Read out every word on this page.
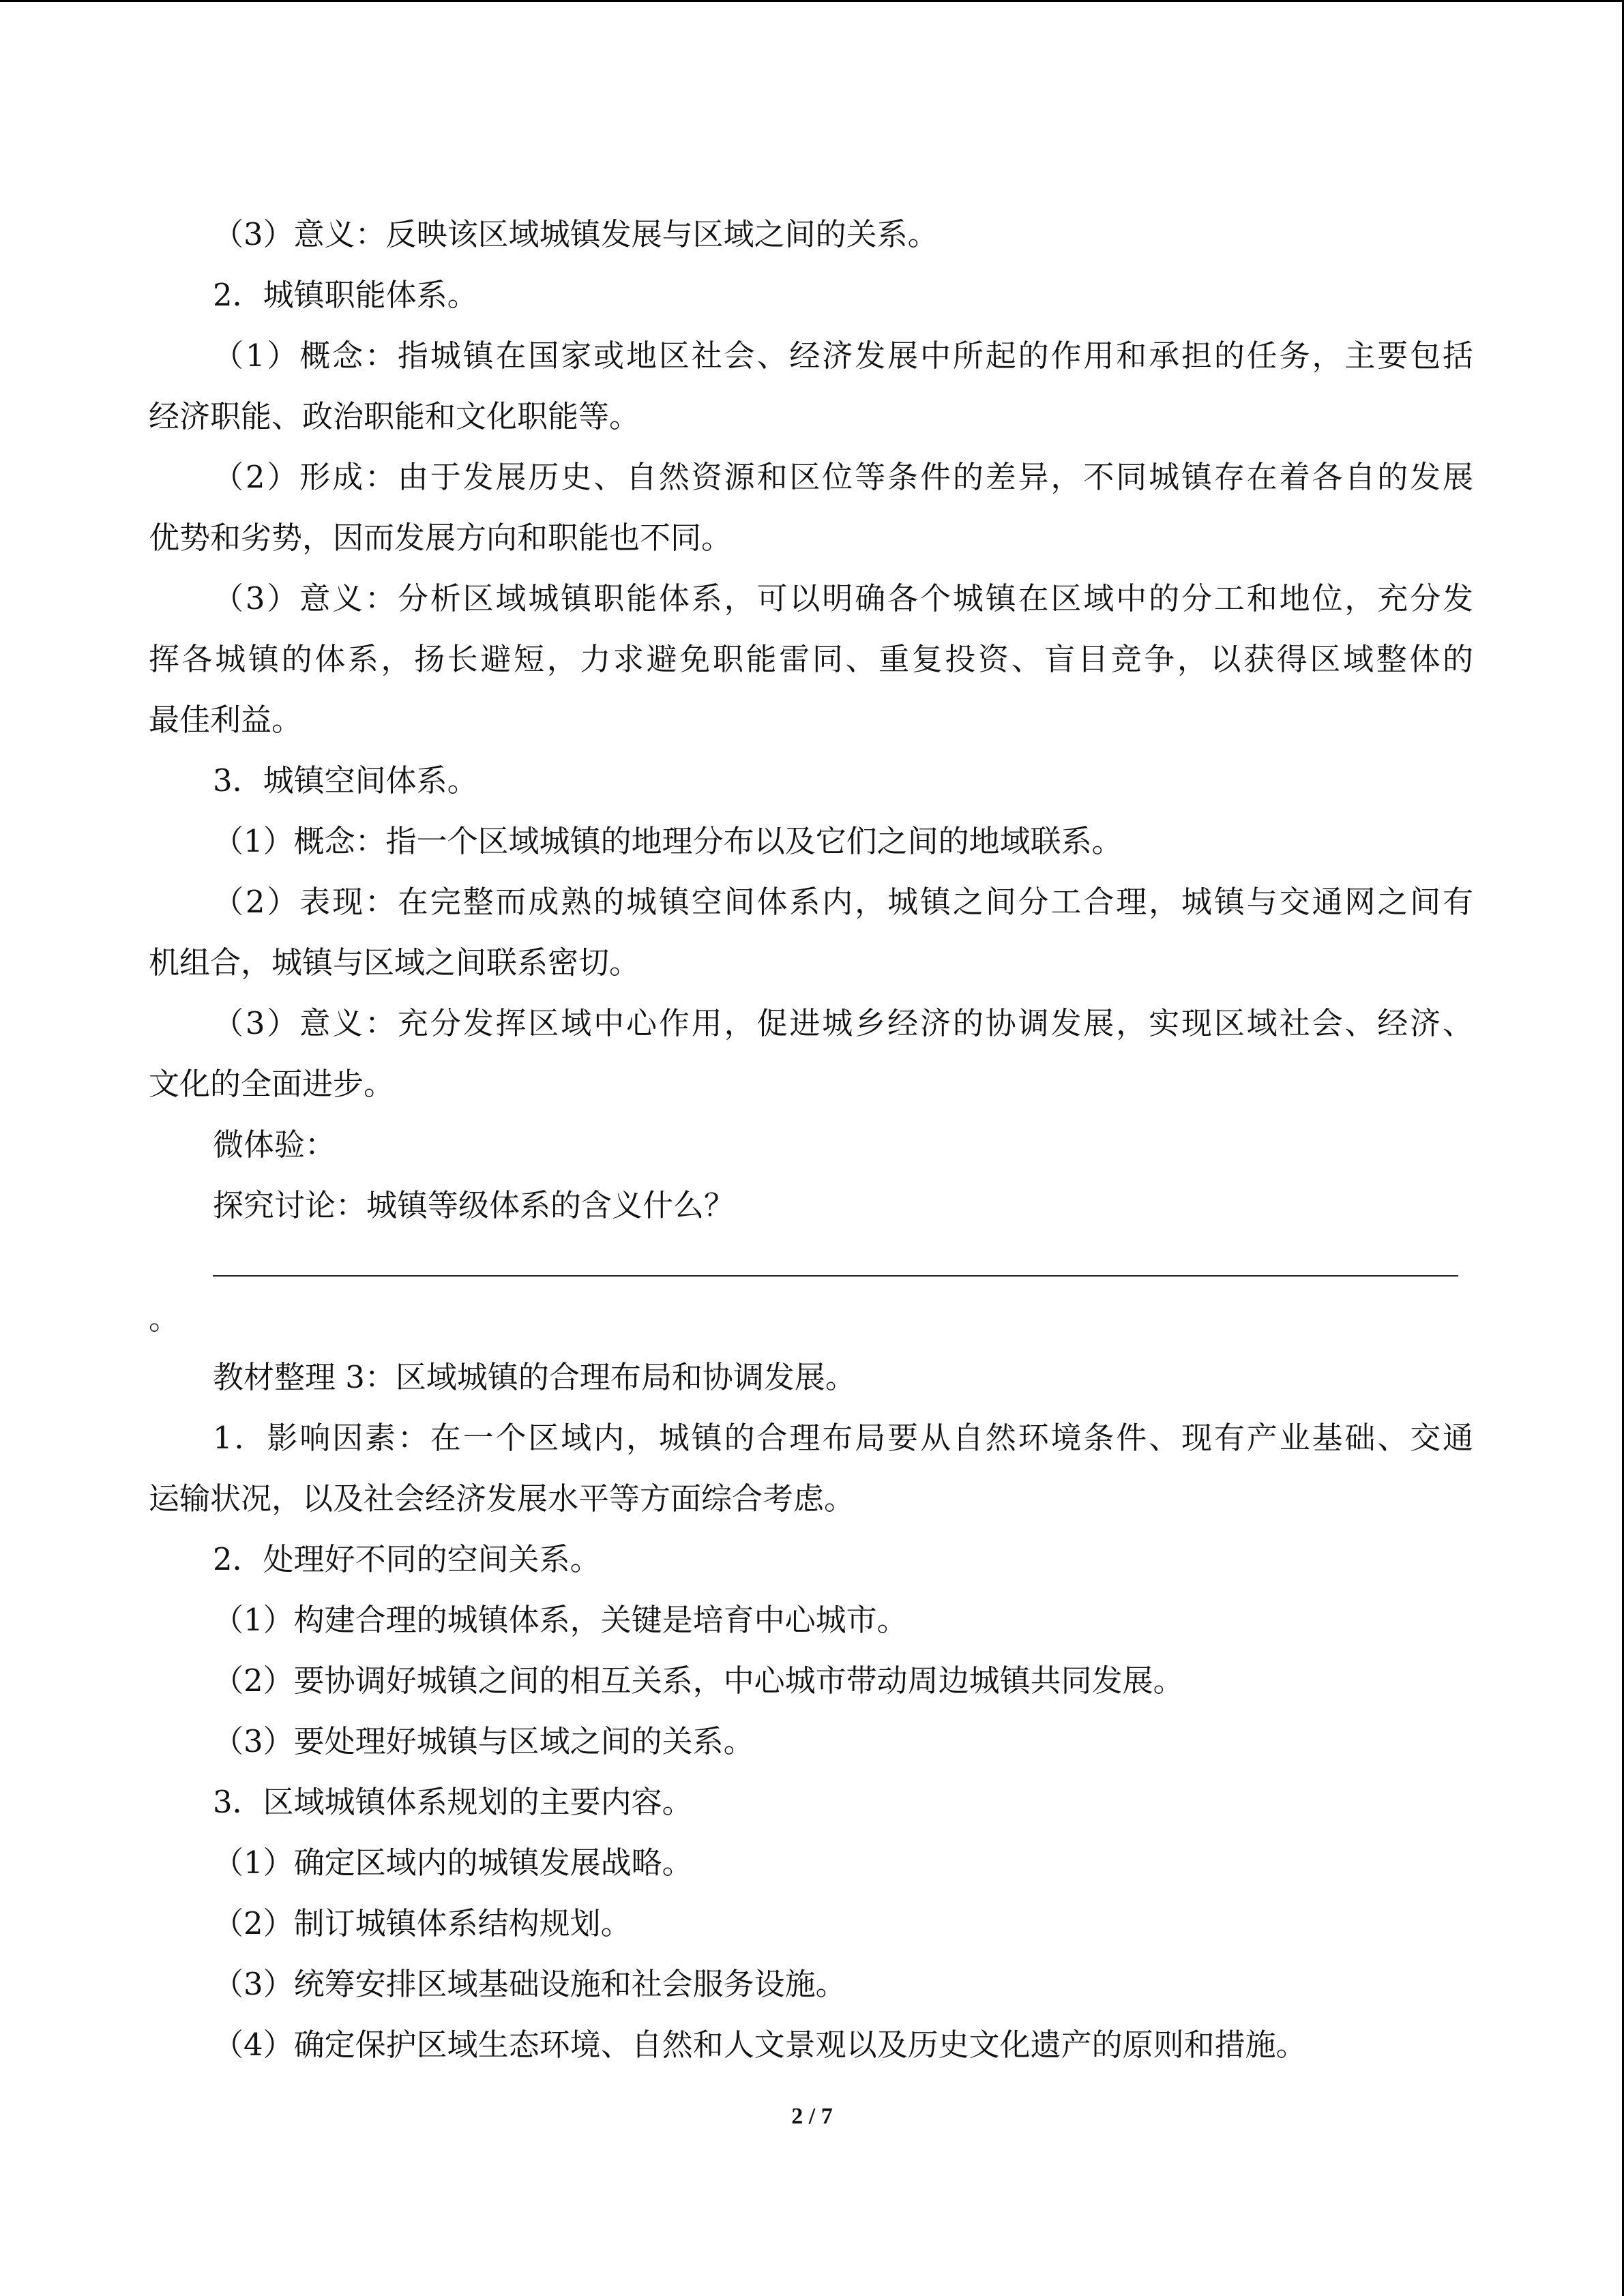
（3）意义：反映该区域城镇发展与区域之间的关系。
2．城镇职能体系。
（1）概念：指城镇在国家或地区社会、经济发展中所起的作用和承担的任务，主要包括
经济职能、政治职能和文化职能等。
（2）形成：由于发展历史、自然资源和区位等条件的差异，不同城镇存在着各自的发展
优势和劣势，因而发展方向和职能也不同。
（3）意义：分析区域城镇职能体系，可以明确各个城镇在区域中的分工和地位，充分发
挥各城镇的体系，扬长避短，力求避免职能雷同、重复投资、盲目竞争，以获得区域整体的
最佳利益。
3．城镇空间体系。
（1）概念：指一个区域城镇的地理分布以及它们之间的地域联系。
（2）表现：在完整而成熟的城镇空间体系内，城镇之间分工合理，城镇与交通网之间有
机组合，城镇与区域之间联系密切。
（3）意义：充分发挥区域中心作用，促进城乡经济的协调发展，实现区域社会、经济、
文化的全面进步。
微体验：
探究讨论：城镇等级体系的含义什么？
。
教材整理 3：区域城镇的合理布局和协调发展。
1．影响因素：在一个区域内，城镇的合理布局要从自然环境条件、现有产业基础、交通
运输状况，以及社会经济发展水平等方面综合考虑。
2．处理好不同的空间关系。
（1）构建合理的城镇体系，关键是培育中心城市。
（2）要协调好城镇之间的相互关系，中心城市带动周边城镇共同发展。
（3）要处理好城镇与区域之间的关系。
3．区域城镇体系规划的主要内容。
（1）确定区域内的城镇发展战略。
（2）制订城镇体系结构规划。
（3）统筹安排区域基础设施和社会服务设施。
（4）确定保护区域生态环境、自然和人文景观以及历史文化遗产的原则和措施。
2 / 7
